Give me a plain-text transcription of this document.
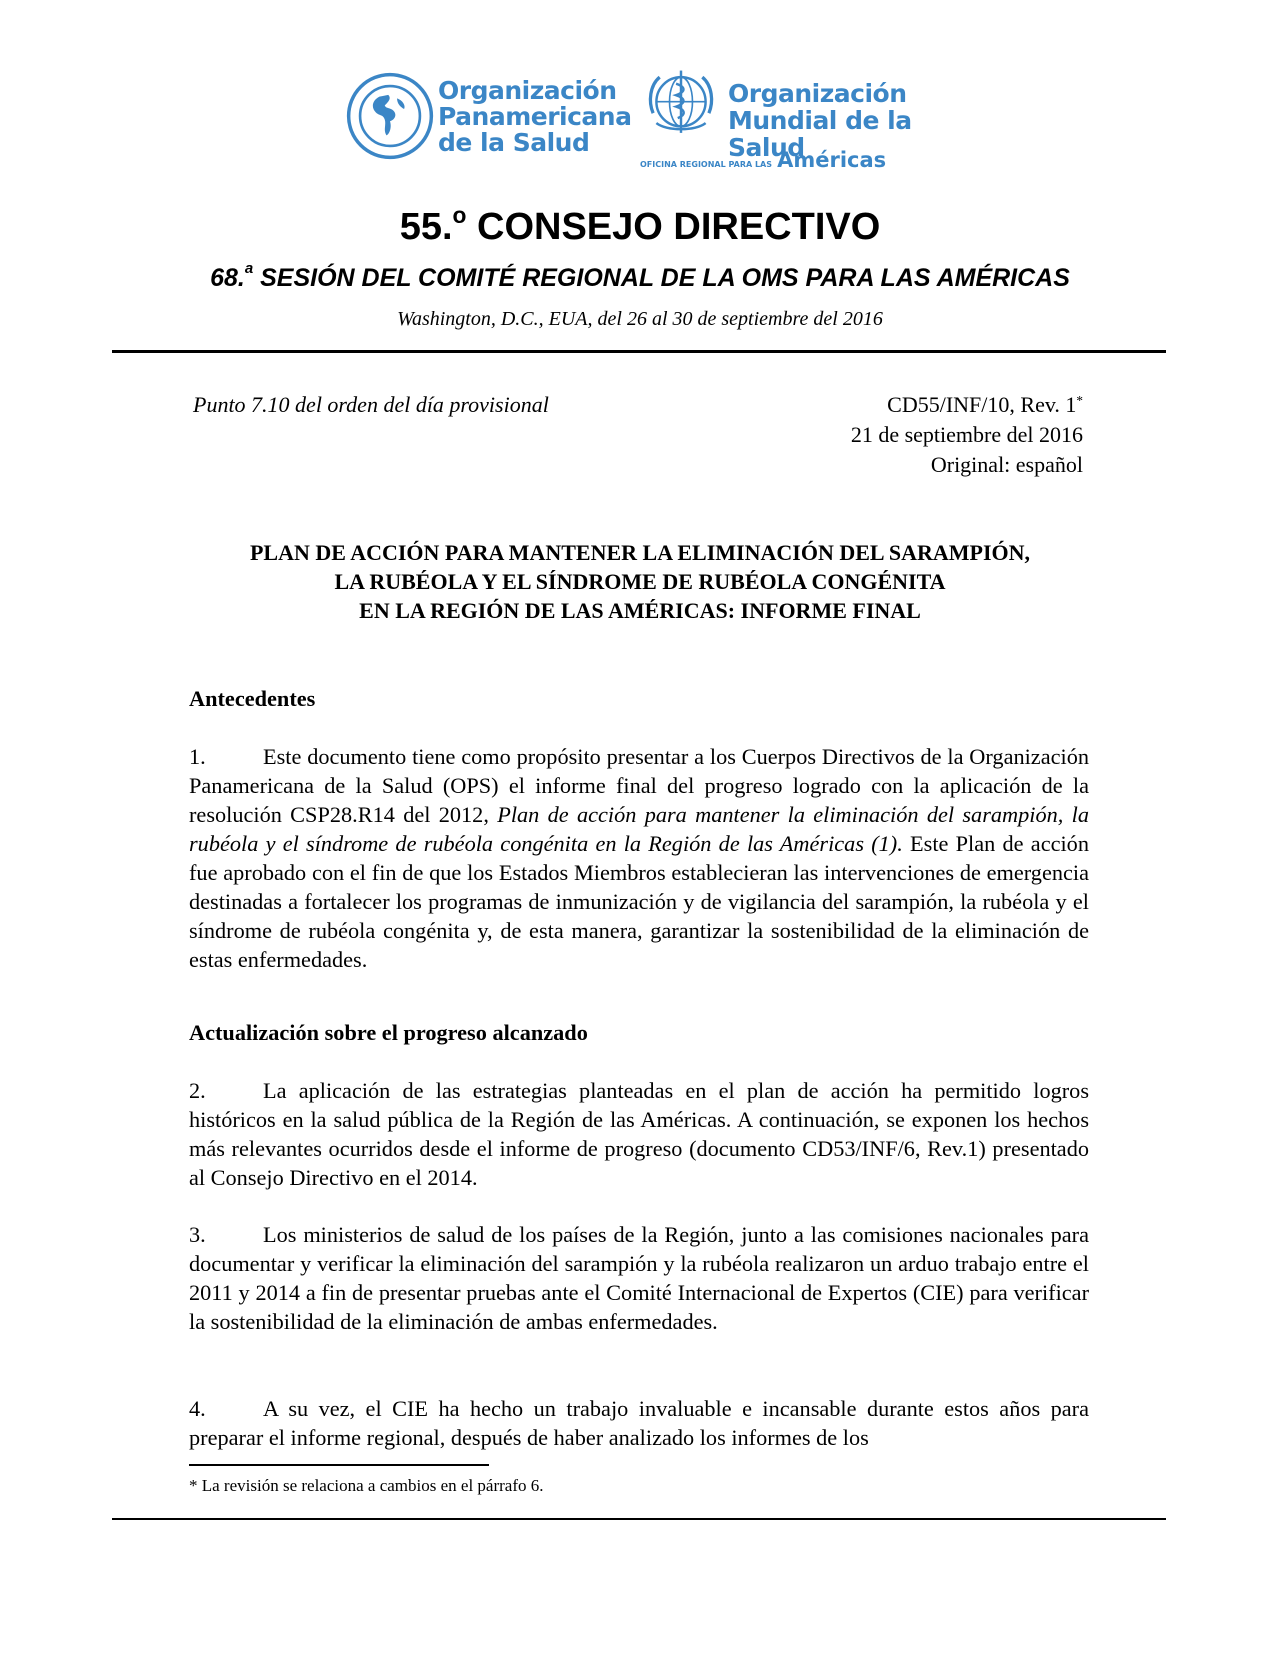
Organización
Panamericana
de la Salud
Organización
Mundial de la Salud
OFICINA REGIONAL PARA LAS Américas
55.$^o$ CONSEJO DIRECTIVO
68.$^a$ SESIÓN DEL COMITÉ REGIONAL DE LA OMS PARA LAS AMÉRICAS
Washington, D.C., EUA, del 26 al 30 de septiembre del 2016
Punto 7.10 del orden del día provisional	CD55/INF/10, Rev. 1*
21 de septiembre del 2016
Original: español
PLAN DE ACCIÓN PARA MANTENER LA ELIMINACIÓN DEL SARAMPIÓN,
LA RUBÉOLA Y EL SÍNDROME DE RUBÉOLA CONGÉNITA
EN LA REGIÓN DE LAS AMÉRICAS: INFORME FINAL
Antecedentes
1.	Este documento tiene como propósito presentar a los Cuerpos Directivos de la Organización Panamericana de la Salud (OPS) el informe final del progreso logrado con la aplicación de la resolución CSP28.R14 del 2012, Plan de acción para mantener la eliminación del sarampión, la rubéola y el síndrome de rubéola congénita en la Región de las Américas (1). Este Plan de acción fue aprobado con el fin de que los Estados Miembros establecieran las intervenciones de emergencia destinadas a fortalecer los programas de inmunización y de vigilancia del sarampión, la rubéola y el síndrome de rubéola congénita y, de esta manera, garantizar la sostenibilidad de la eliminación de estas enfermedades.
Actualización sobre el progreso alcanzado
2.	La aplicación de las estrategias planteadas en el plan de acción ha permitido logros históricos en la salud pública de la Región de las Américas. A continuación, se exponen los hechos más relevantes ocurridos desde el informe de progreso (documento CD53/INF/6, Rev.1) presentado al Consejo Directivo en el 2014.
3.	Los ministerios de salud de los países de la Región, junto a las comisiones nacionales para documentar y verificar la eliminación del sarampión y la rubéola realizaron un arduo trabajo entre el 2011 y 2014 a fin de presentar pruebas ante el Comité Internacional de Expertos (CIE) para verificar la sostenibilidad de la eliminación de ambas enfermedades.
4.	A su vez, el CIE ha hecho un trabajo invaluable e incansable durante estos años para preparar el informe regional, después de haber analizado los informes de los
* La revisión se relaciona a cambios en el párrafo 6.
